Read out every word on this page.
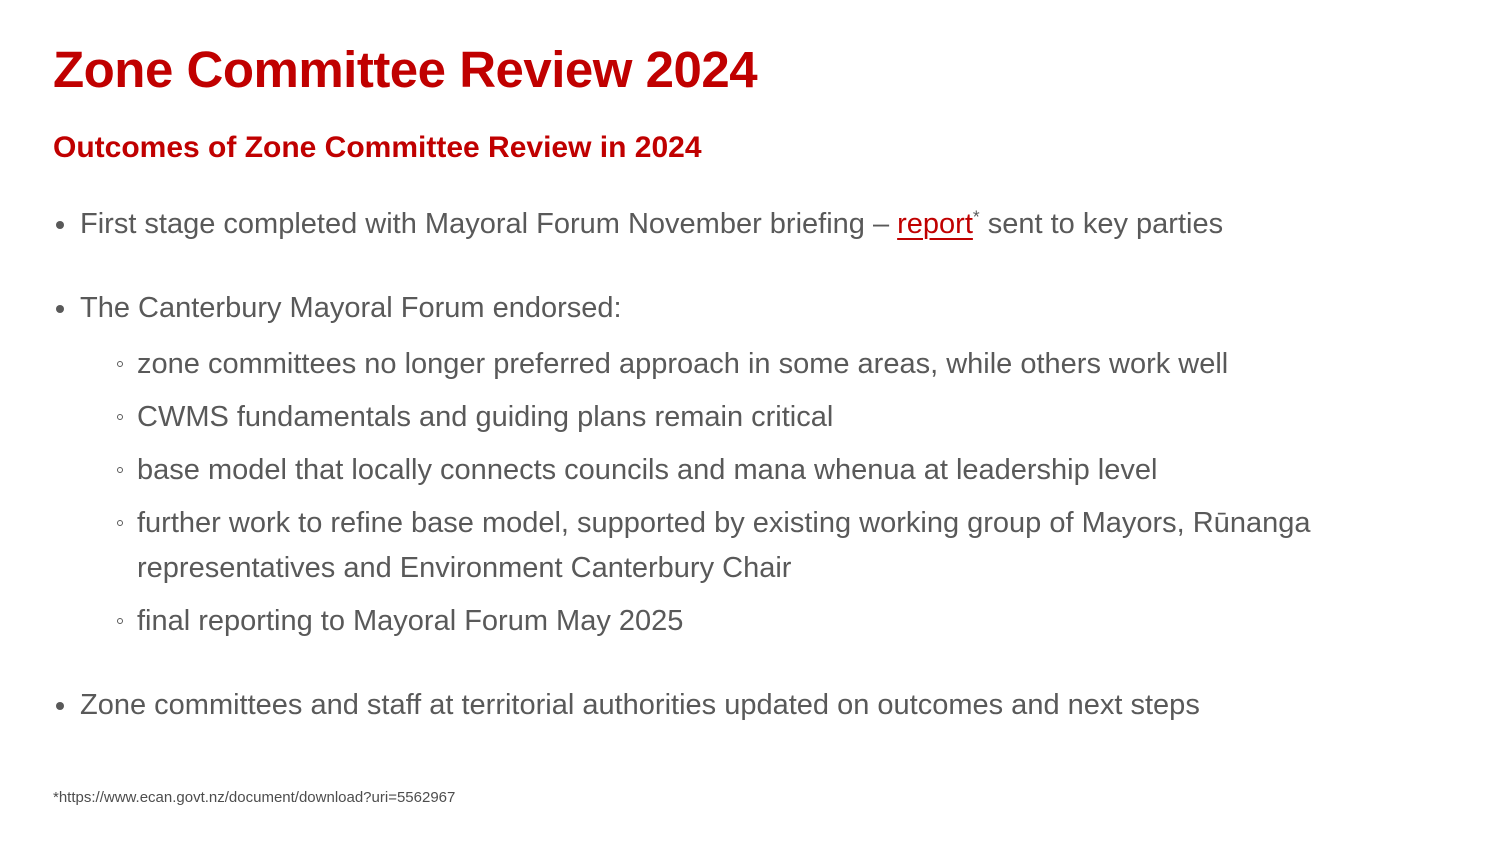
Zone Committee Review 2024
Outcomes of Zone Committee Review in 2024
First stage completed with Mayoral Forum November briefing – report* sent to key parties
The Canterbury Mayoral Forum endorsed:
zone committees no longer preferred approach in some areas, while others work well
CWMS fundamentals and guiding plans remain critical
base model that locally connects councils and mana whenua at leadership level
further work to refine base model, supported by existing working group of Mayors, Rūnanga representatives and Environment Canterbury Chair
final reporting to Mayoral Forum May 2025
Zone committees and staff at territorial authorities updated on outcomes and next steps
*https://www.ecan.govt.nz/document/download?uri=5562967
